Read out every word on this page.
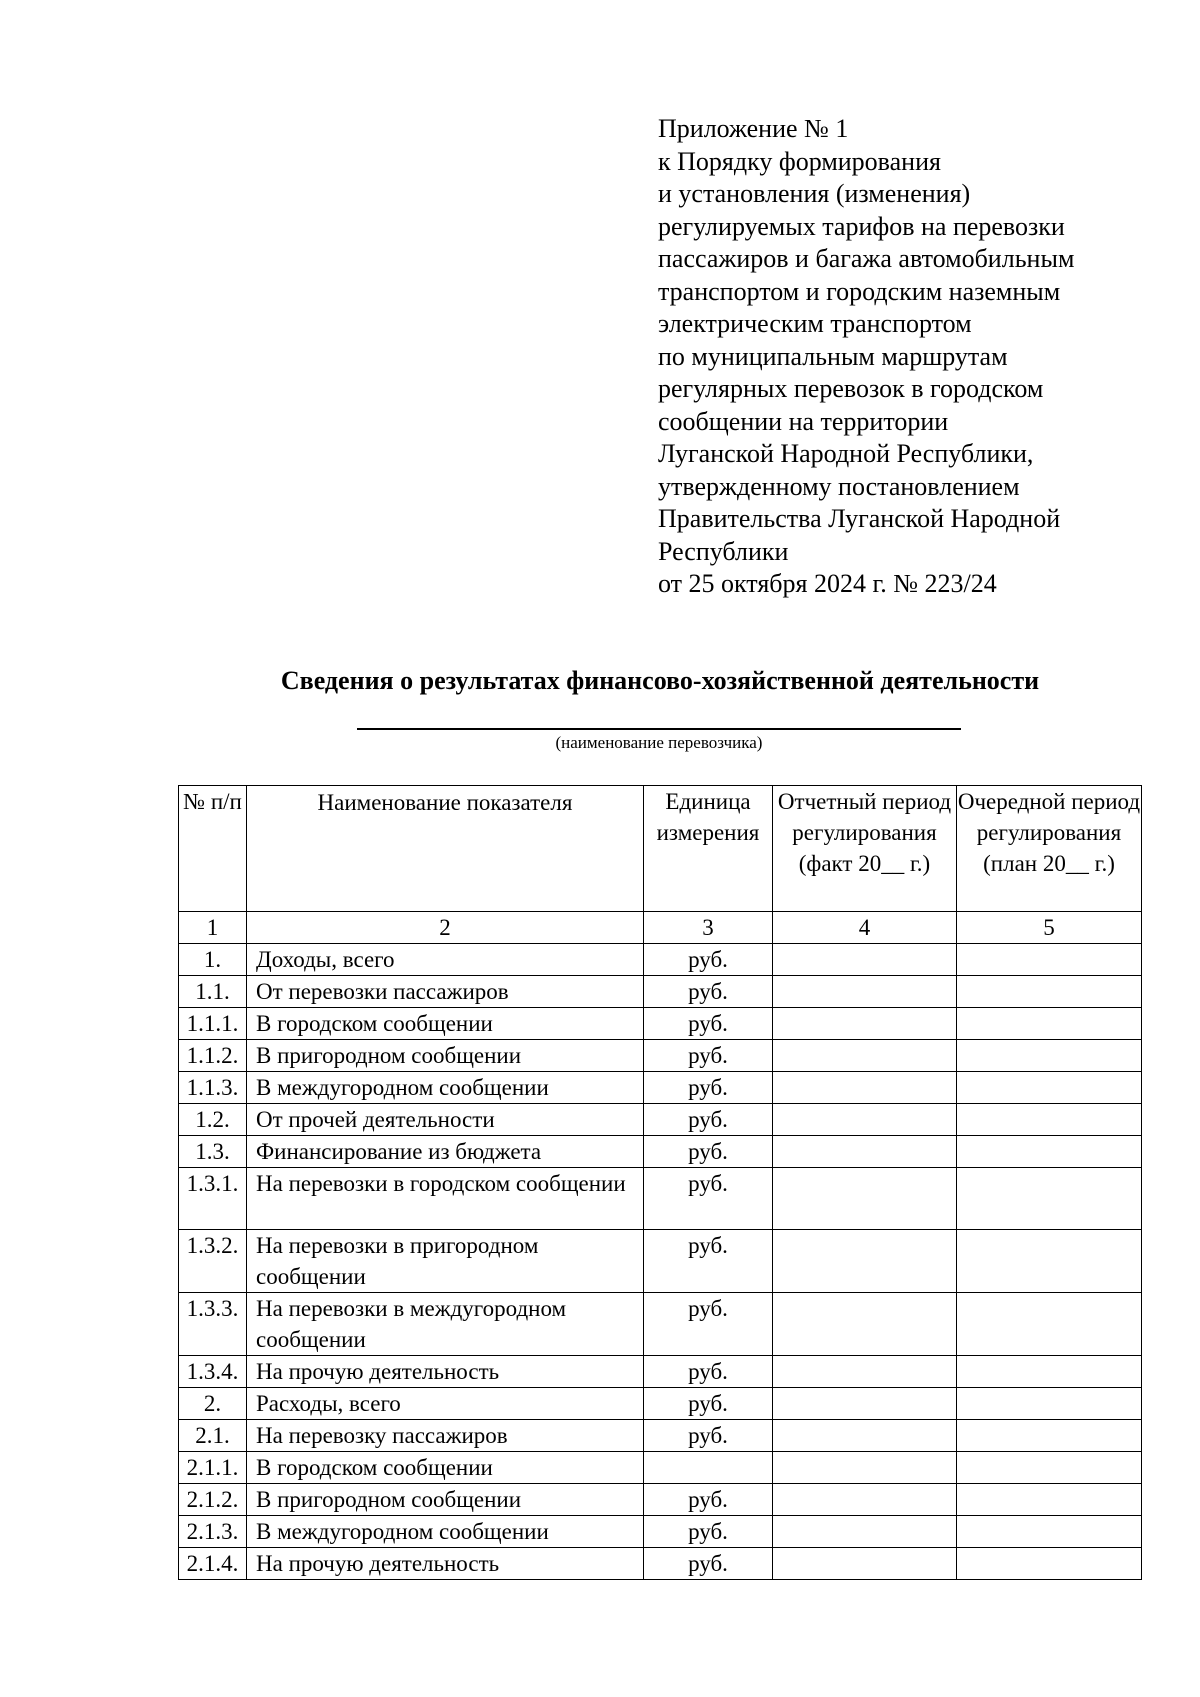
Приложение № 1
к Порядку формирования
и установления (изменения)
регулируемых тарифов на перевозки
пассажиров и багажа автомобильным
транспортом и городским наземным
электрическим транспортом
по муниципальным маршрутам
регулярных перевозок в городском
сообщении на территории
Луганской Народной Республики,
утвержденному постановлением
Правительства Луганской Народной
Республики
от 25 октября 2024 г. № 223/24
Сведения о результатах финансово-хозяйственной деятельности
(наименование перевозчика)
№ п/п	Наименование показателя	Единица измерения	Отчетный период регулирования (факт 20__ г.)	Очередной период регулирования (план 20__ г.)
1	2	3	4	5
1.	Доходы, всего	руб.		
1.1.	От перевозки пассажиров	руб.		
1.1.1.	В городском сообщении	руб.		
1.1.2.	В пригородном сообщении	руб.		
1.1.3.	В междугородном сообщении	руб.		
1.2.	От прочей деятельности	руб.		
1.3.	Финансирование из бюджета	руб.		
1.3.1.	На перевозки в городском сообщении	руб.		
1.3.2.	На перевозки в пригородном сообщении	руб.		
1.3.3.	На перевозки в междугородном сообщении	руб.		
1.3.4.	На прочую деятельность	руб.		
2.	Расходы, всего	руб.		
2.1.	На перевозку пассажиров	руб.		
2.1.1.	В городском сообщении			
2.1.2.	В пригородном сообщении	руб.		
2.1.3.	В междугородном сообщении	руб.		
2.1.4.	На прочую деятельность	руб.		
